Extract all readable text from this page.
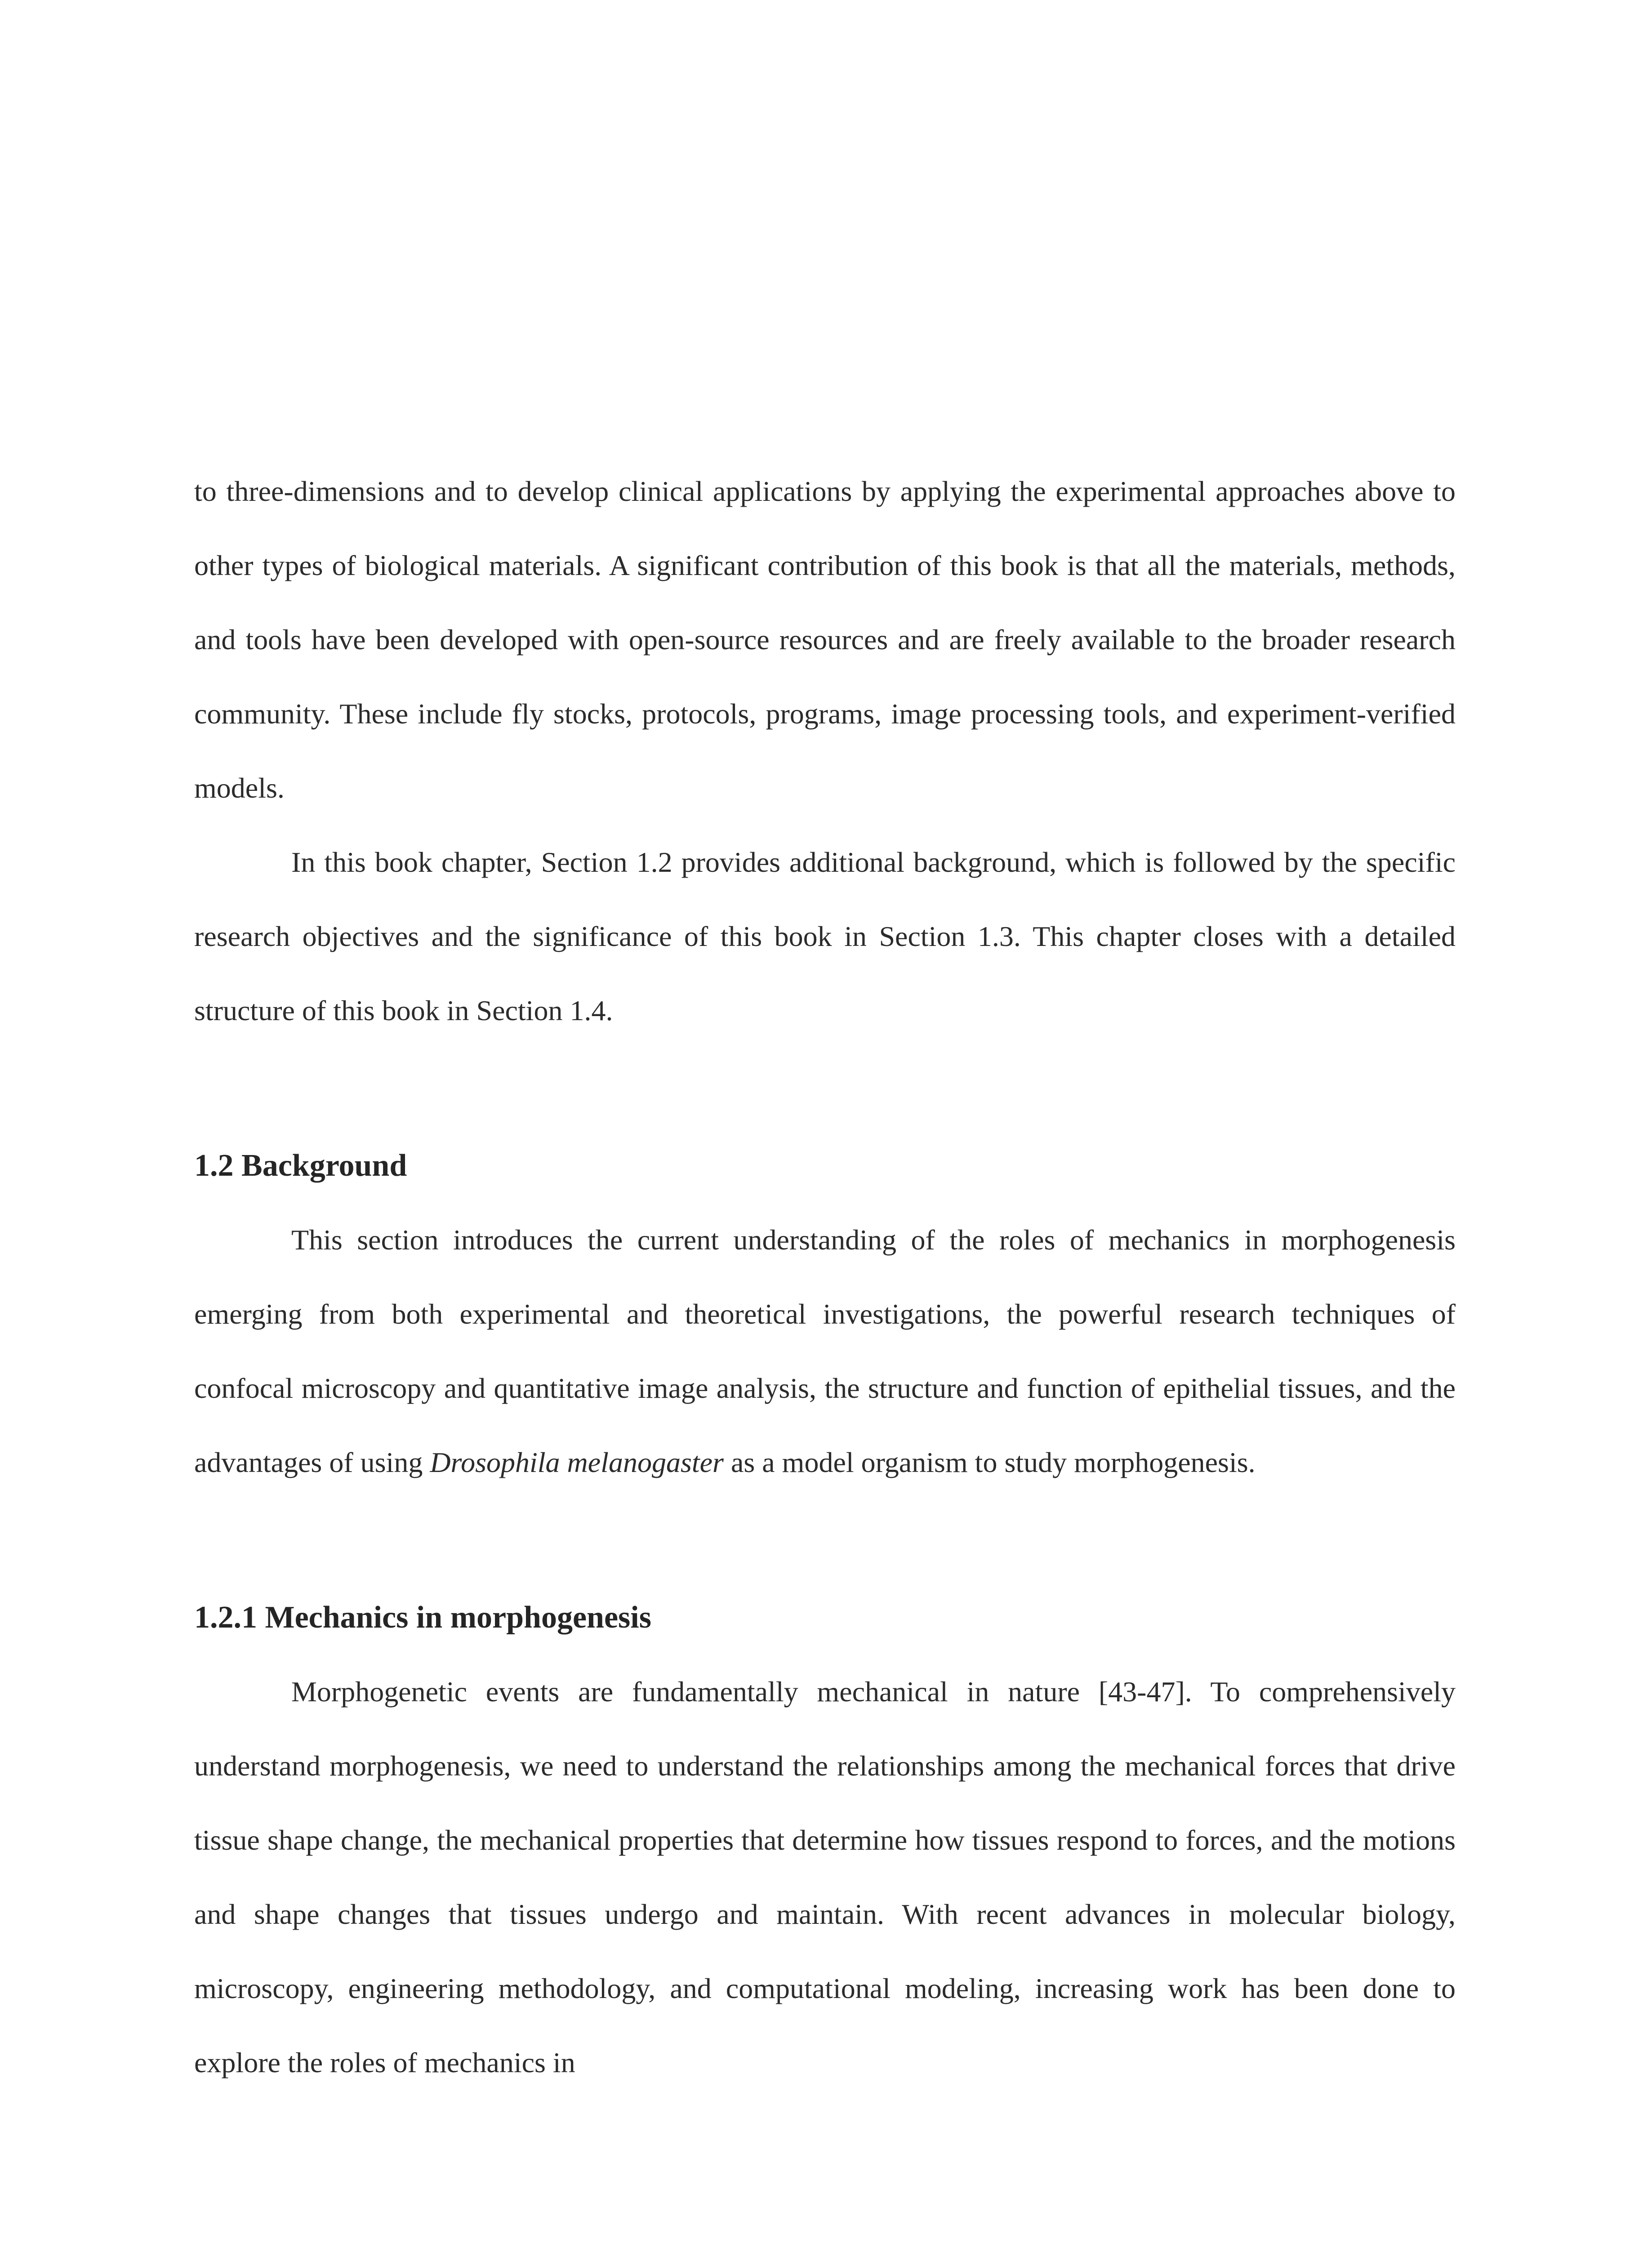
to three-dimensions and to develop clinical applications by applying the experimental approaches above to other types of biological materials. A significant contribution of this book is that all the materials, methods, and tools have been developed with open-source resources and are freely available to the broader research community. These include fly stocks, protocols, programs, image processing tools, and experiment-verified models.

In this book chapter, Section 1.2 provides additional background, which is followed by the specific research objectives and the significance of this book in Section 1.3. This chapter closes with a detailed structure of this book in Section 1.4.

1.2 Background

This section introduces the current understanding of the roles of mechanics in morphogenesis emerging from both experimental and theoretical investigations, the powerful research techniques of confocal microscopy and quantitative image analysis, the structure and function of epithelial tissues, and the advantages of using Drosophila melanogaster as a model organism to study morphogenesis.

1.2.1 Mechanics in morphogenesis

Morphogenetic events are fundamentally mechanical in nature [43-47]. To comprehensively understand morphogenesis, we need to understand the relationships among the mechanical forces that drive tissue shape change, the mechanical properties that determine how tissues respond to forces, and the motions and shape changes that tissues undergo and maintain. With recent advances in molecular biology, microscopy, engineering methodology, and computational modeling, increasing work has been done to explore the roles of mechanics in
